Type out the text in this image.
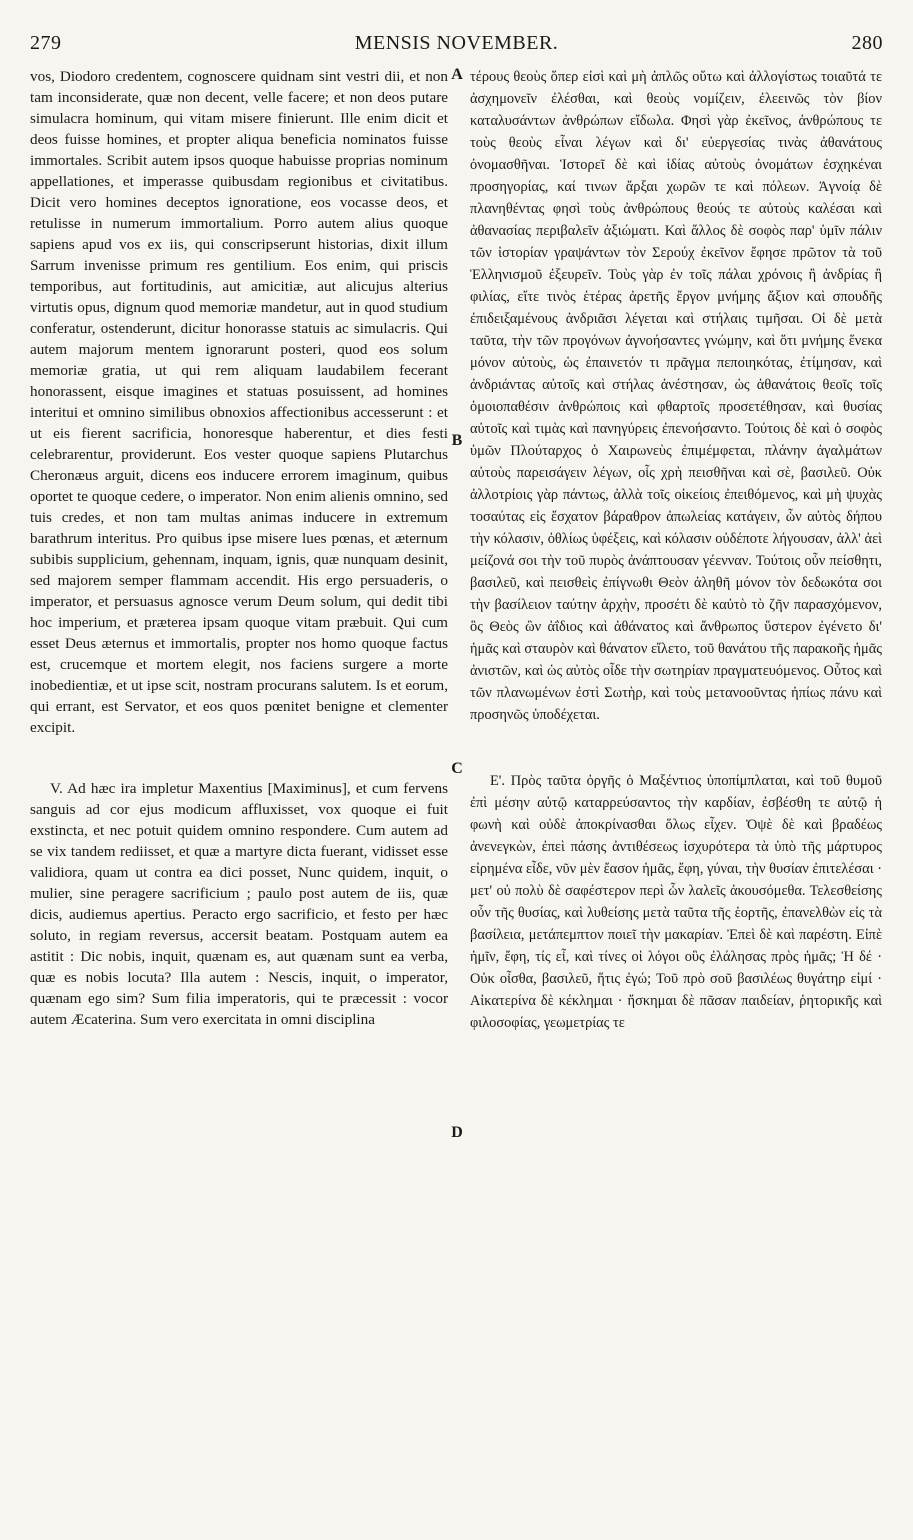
279	MENSIS NOVEMBER.	280

vos, Diodoro credentem, cognoscere quidnam sint vestri dii, et non tam inconsiderate, quæ non decent, velle facere; et non deos putare simulacra hominum, qui vitam misere finierunt. Ille enim dicit et deos fuisse homines, et propter aliqua beneficia nominatos fuisse immortales. Scribit autem ipsos quoque habuisse proprias nominum appellationes, et imperasse quibusdam regionibus et civitatibus. Dicit vero homines deceptos ignoratione, eos vocasse deos, et retulisse in numerum immortalium. Porro autem alius quoque sapiens apud vos ex iis, qui conscripserunt historias, dixit illum Sarrum invenisse primum res gentilium. Eos enim, qui priscis temporibus, aut fortitudinis, aut amicitiæ, aut alicujus alterius virtutis opus, dignum quod memoriæ mandetur, aut in quod studium conferatur, ostenderunt, dicitur honorasse statuis ac simulacris. Qui autem majorum mentem ignorarunt posteri, quod eos solum memoriæ gratia, ut qui rem aliquam laudabilem fecerant honorassent, eisque imagines et statuas posuissent, ad homines interitui et omnino similibus obnoxios affectionibus accesserunt : et ut eis fierent sacrificia, honoresque haberentur, et dies festi celebrarentur, providerunt. Eos vester quoque sapiens Plutarchus Cheronæus arguit, dicens eos inducere errorem imaginum, quibus oportet te quoque cedere, o imperator. Non enim alienis omnino, sed tuis credes, et non tam multas animas inducere in extremum barathrum interitus. Pro quibus ipse misere lues pœnas, et æternum subibis supplicium, gehennam, inquam, ignis, quæ nunquam desinit, sed majorem semper flammam accendit. His ergo persuaderis, o imperator, et persuasus agnosce verum Deum solum, qui dedit tibi hoc imperium, et præterea ipsam quoque vitam præbuit. Qui cum esset Deus æternus et immortalis, propter nos homo quoque factus est, crucemque et mortem elegit, nos faciens surgere a morte inobedientiæ, et ut ipse scit, nostram procurans salutem. Is et eorum, qui errant, est Servator, et eos quos pœnitet benigne et clementer excipit.

V. Ad hæc ira impletur Maxentius [Maximinus], et cum fervens sanguis ad cor ejus modicum affluxisset, vox quoque ei fuit exstincta, et nec potuit quidem omnino respondere. Cum autem ad se vix tandem rediisset, et quæ a martyre dicta fuerant, vidisset esse validiora, quam ut contra ea dici posset, Nunc quidem, inquit, o mulier, sine peragere sacrificium ; paulo post autem de iis, quæ dicis, audiemus apertius. Peracto ergo sacrificio, et festo per hæc soluto, in regiam reversus, accersit beatam. Postquam autem ea astitit : Dic nobis, inquit, quænam es, aut quænam sunt ea verba, quæ es nobis locuta? Illa autem : Nescis, inquit, o imperator, quænam ego sim? Sum filia imperatoris, qui te præcessit : vocor autem Æcaterina. Sum vero exercitata in omni disciplina

τέρους θεοὺς ὅπερ εἰσὶ καὶ μὴ ἁπλῶς οὕτω καὶ ἀλλογίστως τοιαῦτά τε ἀσχημονεῖν ἐλέσθαι, καὶ θεοὺς νομίζειν, ἐλεεινῶς τὸν βίον καταλυσάντων ἀνθρώπων εἴδωλα. Φησὶ γὰρ ἐκεῖνος, ἀνθρώπους τε τοὺς θεοὺς εἶναι λέγων καὶ δι' εὐεργεσίας τινὰς ἀθανάτους ὀνομασθῆναι. Ἱστορεῖ δὲ καὶ ἰδίας αὐτοὺς ὀνομάτων ἐσχηκέναι προσηγορίας, καί τινων ἄρξαι χωρῶν τε καὶ πόλεων. Ἀγνοίᾳ δὲ πλανηθέντας φησὶ τοὺς ἀνθρώπους θεούς τε αὐτοὺς καλέσαι καὶ ἀθανασίας περιβαλεῖν ἀξιώματι. Καὶ ἄλλος δὲ σοφὸς παρ' ὑμῖν πάλιν τῶν ἱστορίαν γραψάντων τὸν Σερούχ ἐκεῖνον ἔφησε πρῶτον τὰ τοῦ Ἑλληνισμοῦ ἐξευρεῖν. Τοὺς γὰρ ἐν τοῖς πάλαι χρόνοις ἢ ἀνδρίας ἢ φιλίας, εἴτε τινὸς ἑτέρας ἀρετῆς ἔργον μνήμης ἄξιον καὶ σπουδῆς ἐπιδειξαμένους ἀνδριᾶσι λέγεται καὶ στήλαις τιμῆσαι. Οἱ δὲ μετὰ ταῦτα, τὴν τῶν προγόνων ἀγνοήσαντες γνώμην, καὶ ὅτι μνήμης ἕνεκα μόνον αὐτοὺς, ὡς ἐπαινετόν τι πρᾶγμα πεποιηκότας, ἐτίμησαν, καὶ ἀνδριάντας αὐτοῖς καὶ στήλας ἀνέστησαν, ὡς ἀθανάτοις θεοῖς τοῖς ὁμοιοπαθέσιν ἀνθρώποις καὶ φθαρτοῖς προσετέθησαν, καὶ θυσίας αὐτοῖς καὶ τιμὰς καὶ πανηγύρεις ἐπενοήσαντο. Τούτοις δὲ καὶ ὁ σοφὸς ὑμῶν Πλούταρχος ὁ Χαιρωνεὺς ἐπιμέμφεται, πλάνην ἀγαλμάτων αὐτοὺς παρεισάγειν λέγων, οἷς χρὴ πεισθῆναι καὶ σὲ, βασιλεῦ. Οὐκ ἀλλοτρίοις γὰρ πάντως, ἀλλὰ τοῖς οἰκείοις ἐπειθόμενος, καὶ μὴ ψυχὰς τοσαύτας εἰς ἔσχατον βάραθρον ἀπωλείας κατάγειν, ὧν αὐτὸς δήπου τὴν κόλασιν, ὀθλίως ὑφέξεις, καὶ κόλασιν οὐδέποτε λήγουσαν, ἀλλ' ἀεὶ μείζονά σοι τὴν τοῦ πυρὸς ἀνάπτουσαν γέενναν. Τούτοις οὖν πείσθητι, βασιλεῦ, καὶ πεισθεὶς ἐπίγνωθι Θεὸν ἀληθῆ μόνον τὸν δεδωκότα σοι τὴν βασίλειον ταύτην ἀρχὴν, προσέτι δὲ καὐτὸ τὸ ζῆν παρασχόμενον, ὃς Θεὸς ὢν ἀΐδιος καὶ ἀθάνατος καὶ ἄνθρωπος ὕστερον ἐγένετο δι' ἡμᾶς καὶ σταυρὸν καὶ θάνατον εἵλετο, τοῦ θανάτου τῆς παρακοῆς ἡμᾶς ἀνιστῶν, καὶ ὡς αὐτὸς οἶδε τὴν σωτηρίαν πραγματευόμενος. Οὗτος καὶ τῶν πλανωμένων ἐστὶ Σωτὴρ, καὶ τοὺς μετανοοῦντας ἠπίως πάνυ καὶ προσηνῶς ὑποδέχεται.

Ε'. Πρὸς ταῦτα ὀργῆς ὁ Μαξέντιος ὑποπίμπλαται, καὶ τοῦ θυμοῦ ἐπὶ μέσην αὐτῷ καταρρεύσαντος τὴν καρδίαν, ἐσβέσθη τε αὐτῷ ἡ φωνὴ καὶ οὐδὲ ἀποκρίνασθαι ὅλως εἶχεν. Ὀψὲ δὲ καὶ βραδέως ἀνενεγκὼν, ἐπεὶ πάσης ἀντιθέσεως ἰσχυρότερα τὰ ὑπὸ τῆς μάρτυρος εἰρημένα εἶδε, νῦν μὲν ἔασον ἡμᾶς, ἔφη, γύναι, τὴν θυσίαν ἐπιτελέσαι · μετ' οὐ πολὺ δὲ σαφέστερον περὶ ὧν λαλεῖς ἀκουσόμεθα. Τελεσθείσης οὖν τῆς θυσίας, καὶ λυθείσης μετὰ ταῦτα τῆς ἑορτῆς, ἐπανελθὼν εἰς τὰ βασίλεια, μετάπεμπτον ποιεῖ τὴν μακαρίαν. Ἐπεὶ δὲ καὶ παρέστη. Εἰπὲ ἡμῖν, ἔφη, τίς εἶ, καὶ τίνες οἱ λόγοι οὓς ἐλάλησας πρὸς ἡμᾶς; Ἡ δέ · Οὐκ οἶσθα, βασιλεῦ, ἥτις ἐγώ; Τοῦ πρὸ σοῦ βασιλέως θυγάτηρ εἰμί · Αἰκατερίνα δὲ κέκλημαι · ἤσκημαι δὲ πᾶσαν παιδείαν, ῥητορικῆς καὶ φιλοσοφίας, γεωμετρίας τε

A
B
C
D
